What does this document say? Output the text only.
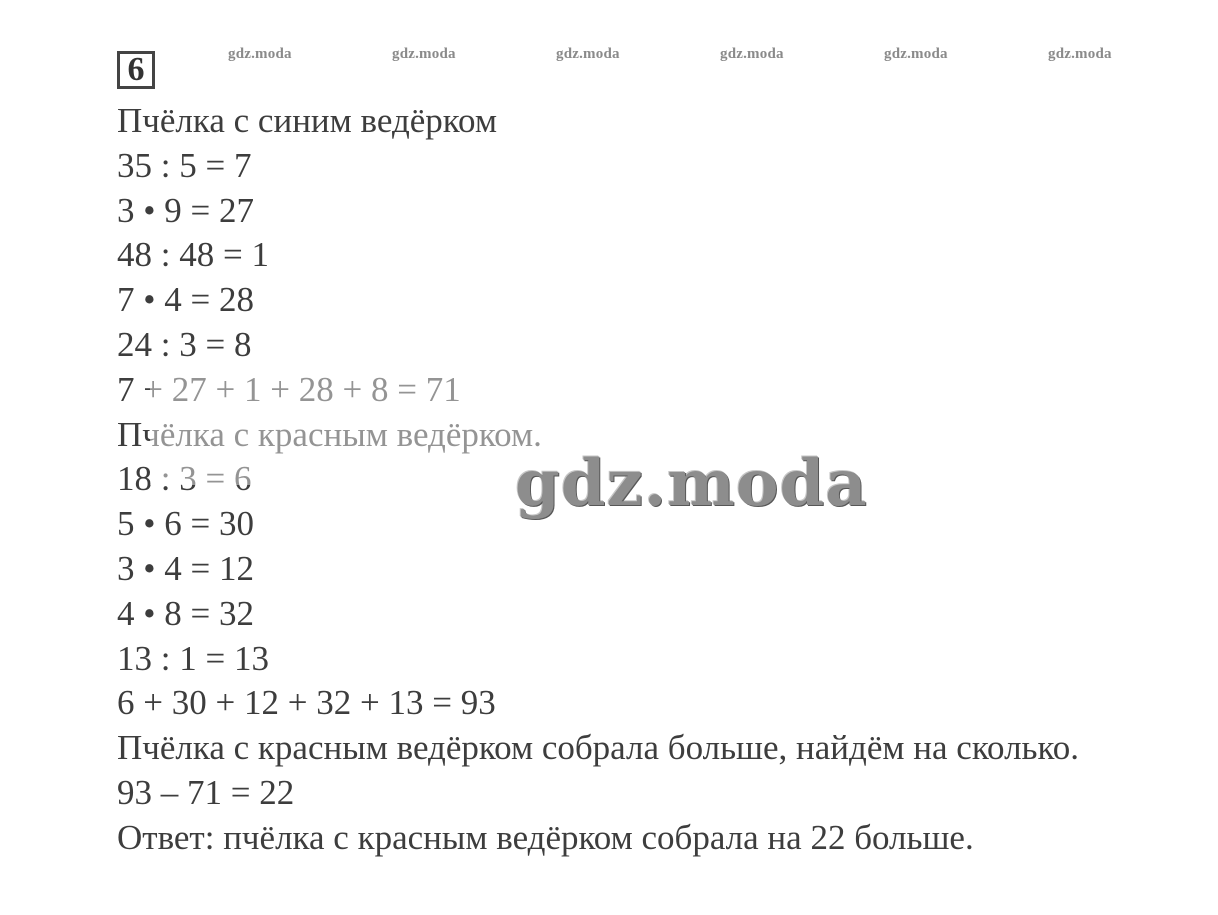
6	gdz.moda	gdz.moda	gdz.moda	gdz.moda	gdz.moda	gdz.moda
Пчёлка с синим ведёрком
35 : 5 = 7
3 • 9 = 27
48 : 48 = 1
7 • 4 = 28
24 : 3 = 8
7 + 27 + 1 + 28 + 8 = 71
Пчёлка с красным ведёрком.
18 : 3 = 6
5 • 6 = 30
3 • 4 = 12
4 • 8 = 32
13 : 1 = 13
6 + 30 + 12 + 32 + 13 = 93
Пчёлка с красным ведёрком собрала больше, найдём на сколько.
93 – 71 = 22
Ответ: пчёлка с красным ведёрком собрала на 22 больше.
gdz.moda
